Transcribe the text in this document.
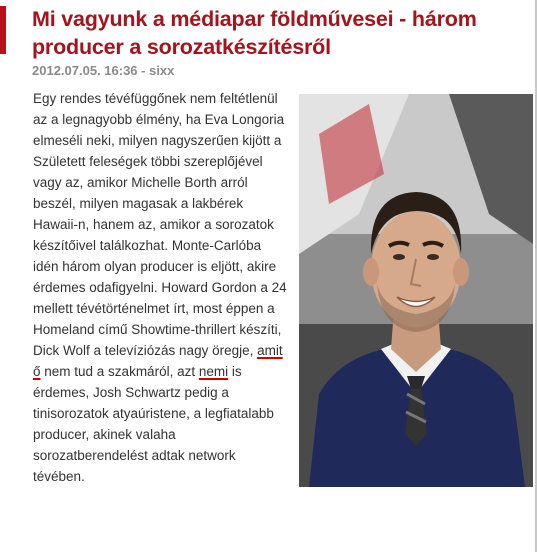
Mi vagyunk a médiapar földművesei - három producer a sorozatkészítésről
2012.07.05. 16:36 - sixx

Egy rendes tévéfüggőnek nem feltétlenül az a legnagyobb élmény, ha Eva Longoria elmeséli neki, milyen nagyszerűen kijött a Született feleségek többi szereplőjével vagy az, amikor Michelle Borth arról beszél, milyen magasak a lakbérek Hawaii-n, hanem az, amikor a sorozatok készítőivel találkozhat. Monte-Carlóba idén három olyan producer is eljött, akire érdemes odafigyelni. Howard Gordon a 24 mellett tévétörténelmet írt, most éppen a Homeland című Showtime-thrillert készíti, Dick Wolf a televíziózás nagy öregje, amit ő nem tud a szakmáról, azt nemi is érdemes, Josh Schwartz pedig a tinisorozatok atyaúristene, a legfiatalabb producer, akinek valaha sorozatberendelést adtak network tévében.
